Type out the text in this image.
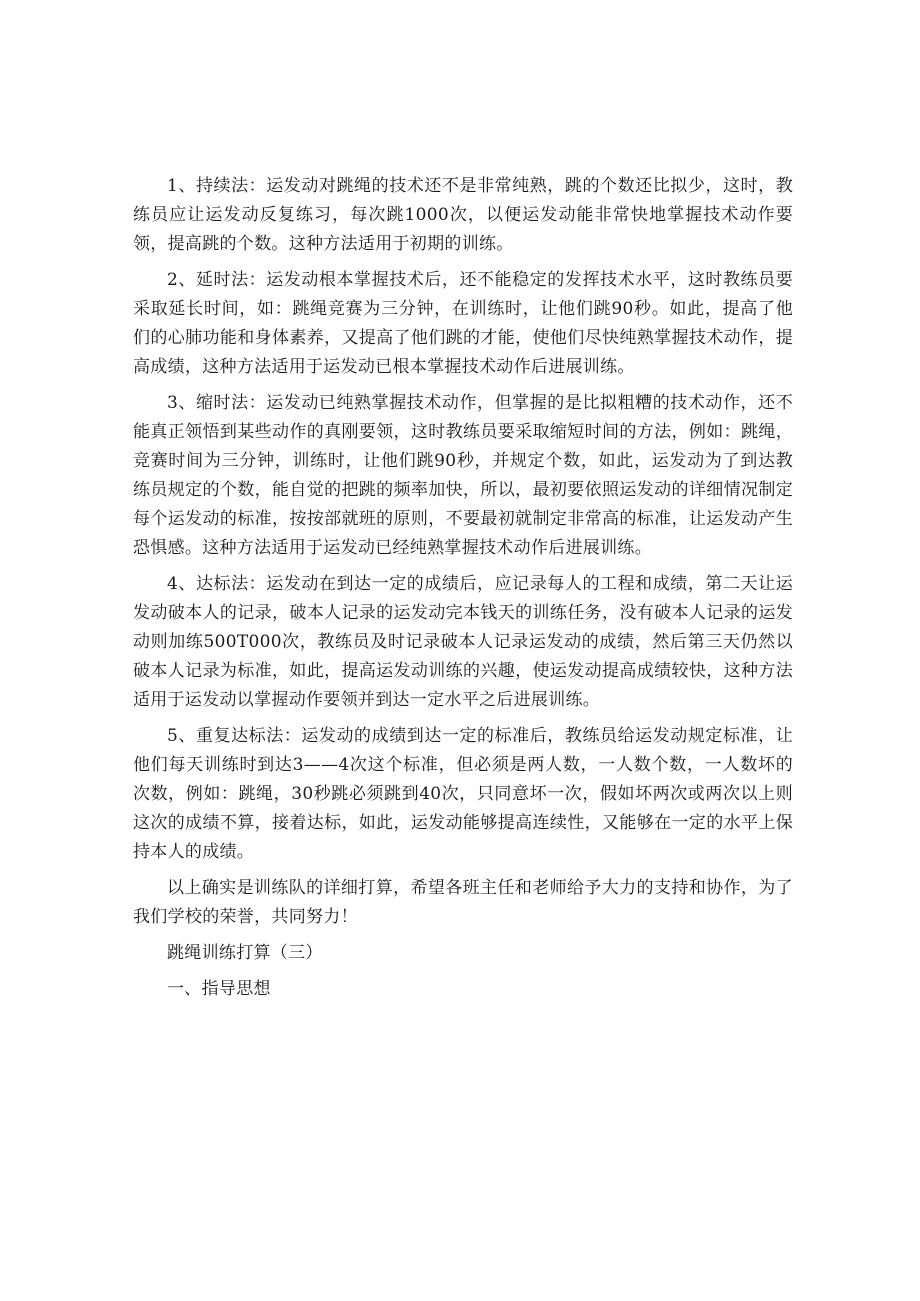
1、持续法：运发动对跳绳的技术还不是非常纯熟，跳的个数还比拟少，这时，教练员应让运发动反复练习，每次跳1000次，以便运发动能非常快地掌握技术动作要领，提高跳的个数。这种方法适用于初期的训练。

2、延时法：运发动根本掌握技术后，还不能稳定的发挥技术水平，这时教练员要采取延长时间，如：跳绳竞赛为三分钟，在训练时，让他们跳90秒。如此，提高了他们的心肺功能和身体素养，又提高了他们跳的才能，使他们尽快纯熟掌握技术动作，提高成绩，这种方法适用于运发动已根本掌握技术动作后进展训练。

3、缩时法：运发动已纯熟掌握技术动作，但掌握的是比拟粗糟的技术动作，还不能真正领悟到某些动作的真刚要领，这时教练员要采取缩短时间的方法，例如：跳绳，竞赛时间为三分钟，训练时，让他们跳90秒，并规定个数，如此，运发动为了到达教练员规定的个数，能自觉的把跳的频率加快，所以，最初要依照运发动的详细情况制定每个运发动的标准，按按部就班的原则，不要最初就制定非常高的标准，让运发动产生恐惧感。这种方法适用于运发动已经纯熟掌握技术动作后进展训练。

4、达标法：运发动在到达一定的成绩后，应记录每人的工程和成绩，第二天让运发动破本人的记录，破本人记录的运发动完本钱天的训练任务，没有破本人记录的运发动则加练500T000次，教练员及时记录破本人记录运发动的成绩，然后第三天仍然以破本人记录为标准，如此，提高运发动训练的兴趣，使运发动提高成绩较快，这种方法适用于运发动以掌握动作要领并到达一定水平之后进展训练。

5、重复达标法：运发动的成绩到达一定的标准后，教练员给运发动规定标准，让他们每天训练时到达3——4次这个标准，但必须是两人数，一人数个数，一人数坏的次数，例如：跳绳，30秒跳必须跳到40次，只同意坏一次，假如坏两次或两次以上则这次的成绩不算，接着达标，如此，运发动能够提高连续性，又能够在一定的水平上保持本人的成绩。

以上确实是训练队的详细打算，希望各班主任和老师给予大力的支持和协作，为了我们学校的荣誉，共同努力！

跳绳训练打算（三）

一、指导思想
